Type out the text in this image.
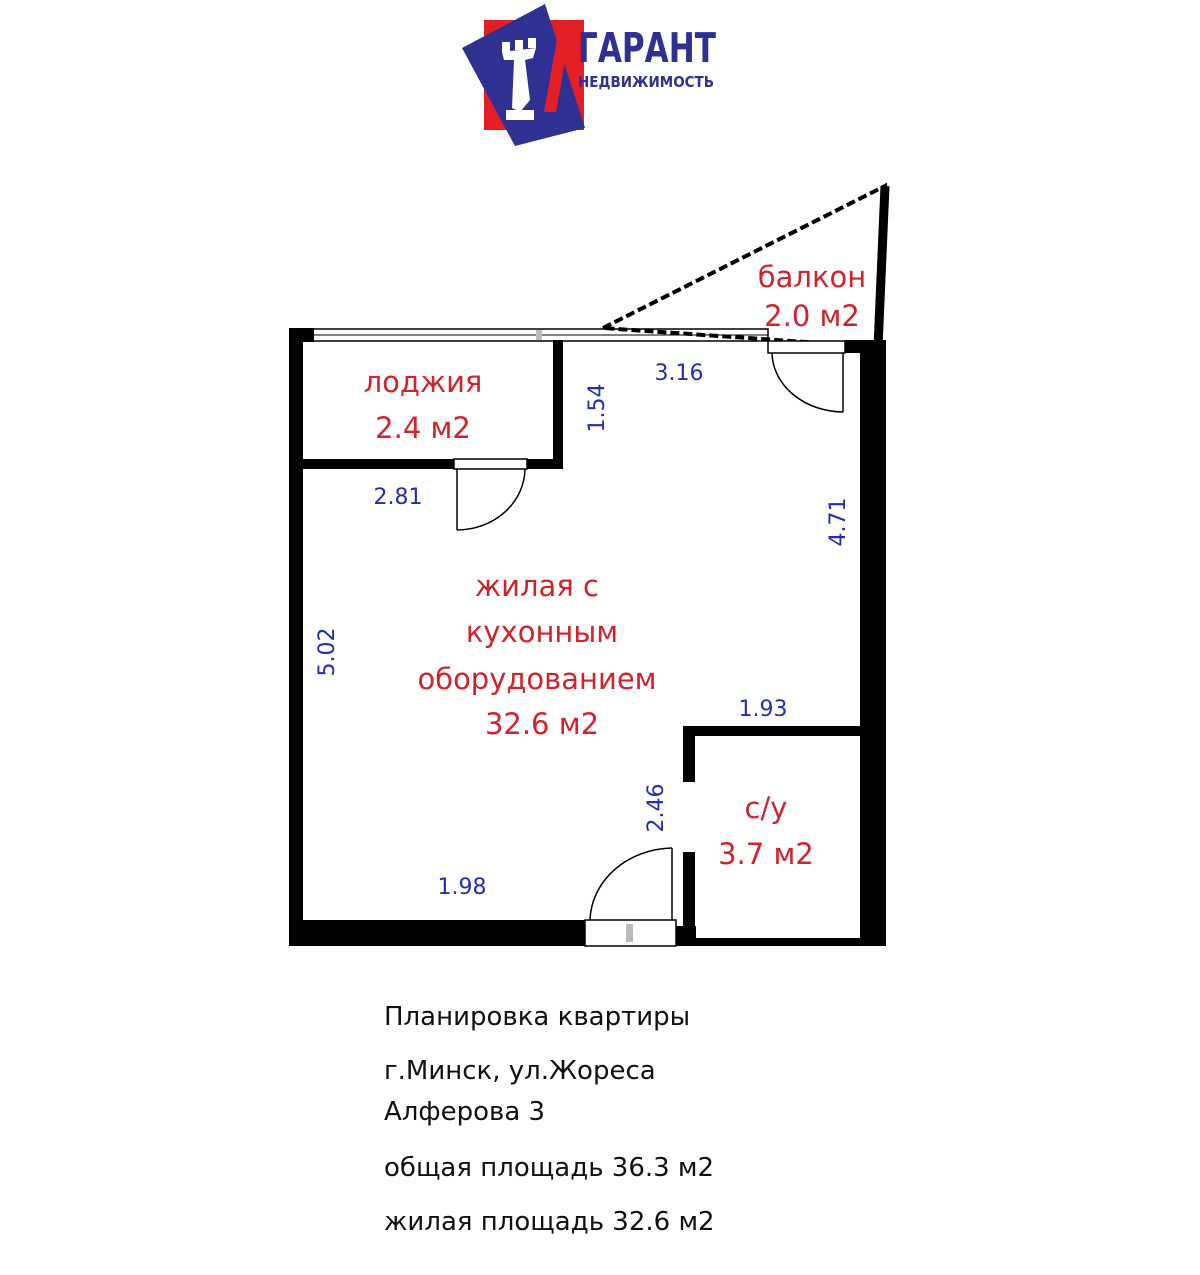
ГАРАНТ
НЕДВИЖИМОСТЬ
балкон
2.0 м2
лоджия
2.4 м2
жилая с
кухонным
оборудованием
32.6 м2
с/у
3.7 м2
3.16
1.54
2.81
4.71
5.02
1.93
2.46
1.98
Планировка квартиры
г.Минск, ул.Жореса
Алферова 3
общая площадь 36.3 м2
жилая площадь 32.6 м2
